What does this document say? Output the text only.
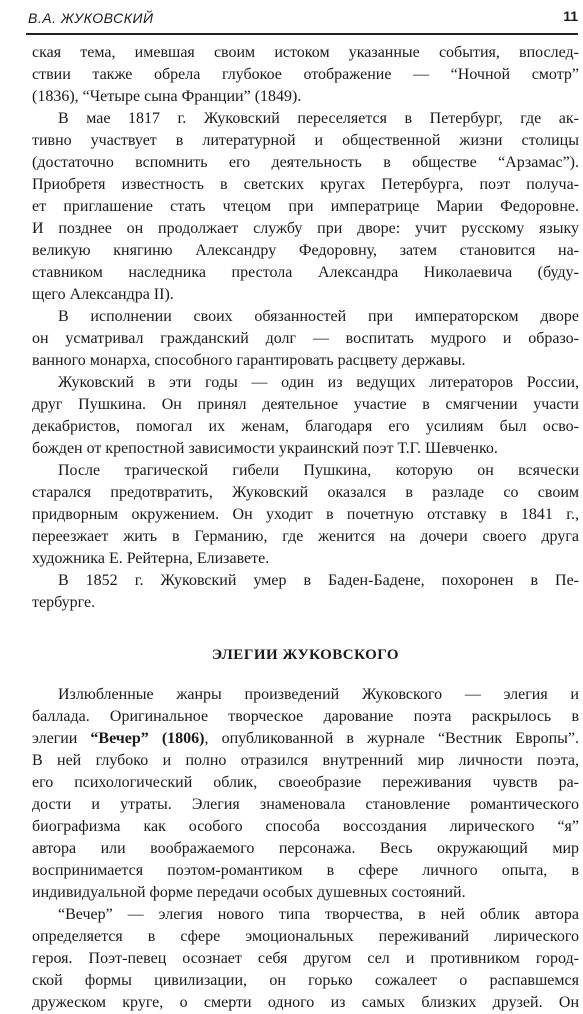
В.А. ЖУКОВСКИЙ	11
ская тема, имевшая своим истоком указанные события, впослед-
ствии также обрела глубокое отображение — “Ночной смотр”
(1836), “Четыре сына Франции” (1849).
В мае 1817 г. Жуковский переселяется в Петербург, где ак-
тивно участвует в литературной и общественной жизни столицы
(достаточно вспомнить его деятельность в обществе “Арзамас”).
Приобретя известность в светских кругах Петербурга, поэт получа-
ет приглашение стать чтецом при императрице Марии Федоровне.
И позднее он продолжает службу при дворе: учит русскому языку
великую княгиню Александру Федоровну, затем становится на-
ставником наследника престола Александра Николаевича (буду-
щего Александра II).
В исполнении своих обязанностей при императорском дворе
он усматривал гражданский долг — воспитать мудрого и образо-
ванного монарха, способного гарантировать расцвету державы.
Жуковский в эти годы — один из ведущих литераторов России,
друг Пушкина. Он принял деятельное участие в смягчении участи
декабристов, помогал их женам, благодаря его усилиям был осво-
божден от крепостной зависимости украинский поэт Т.Г. Шевченко.
После трагической гибели Пушкина, которую он всячески
старался предотвратить, Жуковский оказался в разладе со своим
придворным окружением. Он уходит в почетную отставку в 1841 г.,
переезжает жить в Германию, где женится на дочери своего друга
художника Е. Рейтерна, Елизавете.
В 1852 г. Жуковский умер в Баден-Бадене, похоронен в Пе-
тербурге.
ЭЛЕГИИ ЖУКОВСКОГО
Излюбленные жанры произведений Жуковского — элегия и
баллада. Оригинальное творческое дарование поэта раскрылось в
элегии “Вечер” (1806), опубликованной в журнале “Вестник Европы”.
В ней глубоко и полно отразился внутренний мир личности поэта,
его психологический облик, своеобразие переживания чувств ра-
дости и утраты. Элегия знаменовала становление романтического
биографизма как особого способа воссоздания лирического “я”
автора или воображаемого персонажа. Весь окружающий мир
воспринимается поэтом-романтиком в сфере личного опыта, в
индивидуальной форме передачи особых душевных состояний.
“Вечер” — элегия нового типа творчества, в ней облик автора
определяется в сфере эмоциональных переживаний лирического
героя. Поэт-певец осознает себя другом сел и противником город-
ской формы цивилизации, он горько сожалеет о распавшемся
дружеском круге, о смерти одного из самых близких друзей. Он
